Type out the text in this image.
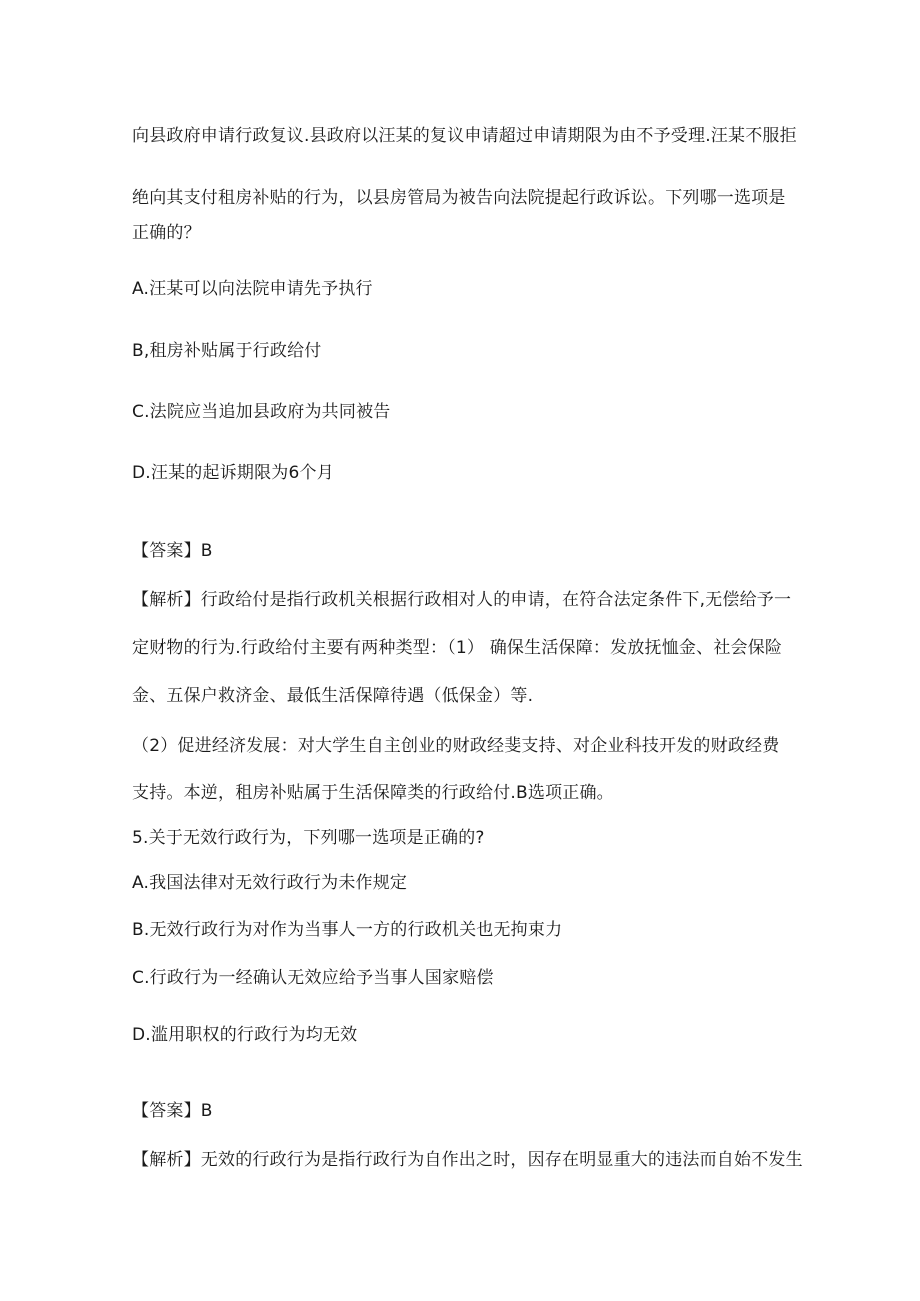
向县政府申请行政复议.县政府以汪某的复议申请超过申请期限为由不予受理.汪某不服拒
绝向其支付租房补贴的行为，以县房管局为被告向法院提起行政诉讼。下列哪一选项是
正确的？
A.汪某可以向法院申请先予执行
B,租房补贴属于行政给付
C.法院应当追加县政府为共同被告
D.汪某的起诉期限为6个月
【答案】B
【解析】行政给付是指行政机关根据行政相对人的申请，在符合法定条件下,无偿给予一
定财物的行为.行政给付主要有两种类型：（1） 确保生活保障：发放抚恤金、社会保险
金、五保户救济金、最低生活保障待遇（低保金）等.
（2）促进经济发展：对大学生自主创业的财政经斐支持、对企业科技开发的财政经费
支持。本逆，租房补贴属于生活保障类的行政给付.B选项正确。
5.关于无效行政行为，下列哪一选项是正确的?
A.我国法律对无效行政行为未作规定
B.无效行政行为对作为当事人一方的行政机关也无拘束力
C.行政行为一经确认无效应给予当事人国家赔偿
D.滥用职权的行政行为均无效
【答案】B
【解析】无效的行政行为是指行政行为自作出之时，因存在明显重大的违法而自始不发生
